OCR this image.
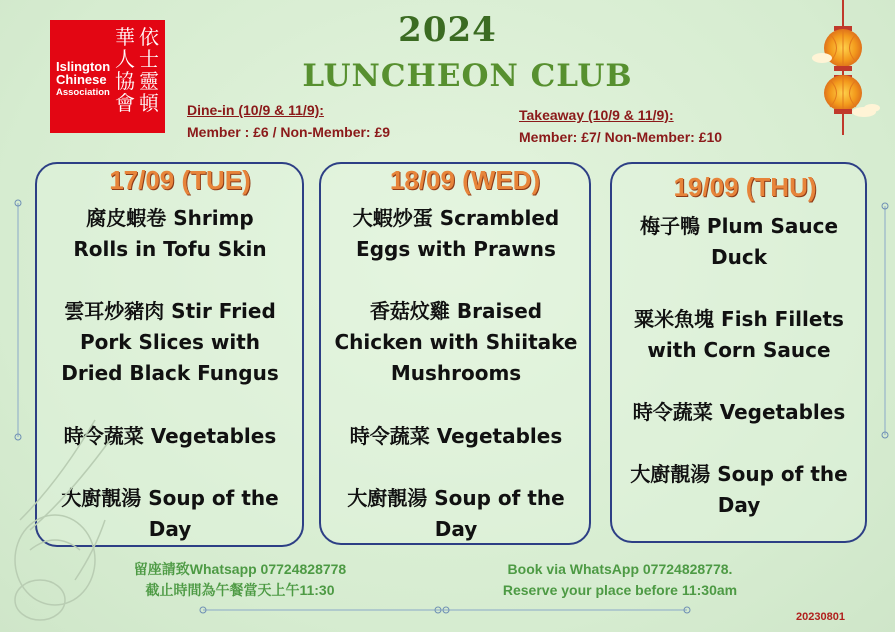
依士靈頓
華人協會
Islington
Chinese
Association
2024
LUNCHEON CLUB
Dine-in (10/9 & 11/9):
Member : £6 / Non-Member: £9
Takeaway (10/9 & 11/9):
Member: £7/ Non-Member: £10
17/09 (TUE)	18/09 (WED)	19/09 (THU)
腐皮蝦卷 Shrimp
Rolls in Tofu Skin
雲耳炒豬肉 Stir Fried
Pork Slices with
Dried Black Fungus
時令蔬菜 Vegetables
大廚靚湯 Soup of the
Day
大蝦炒蛋 Scrambled
Eggs with Prawns
香菇炆雞 Braised
Chicken with Shiitake
Mushrooms
時令蔬菜 Vegetables
大廚靚湯 Soup of the
Day
梅子鴨 Plum Sauce
Duck
粟米魚塊 Fish Fillets
with Corn Sauce
時令蔬菜 Vegetables
大廚靚湯 Soup of the
Day
留座請致Whatsapp 07724828778
截止時間為午餐當天上午11:30
Book via WhatsApp 07724828778.
Reserve your place before 11:30am
20230801
